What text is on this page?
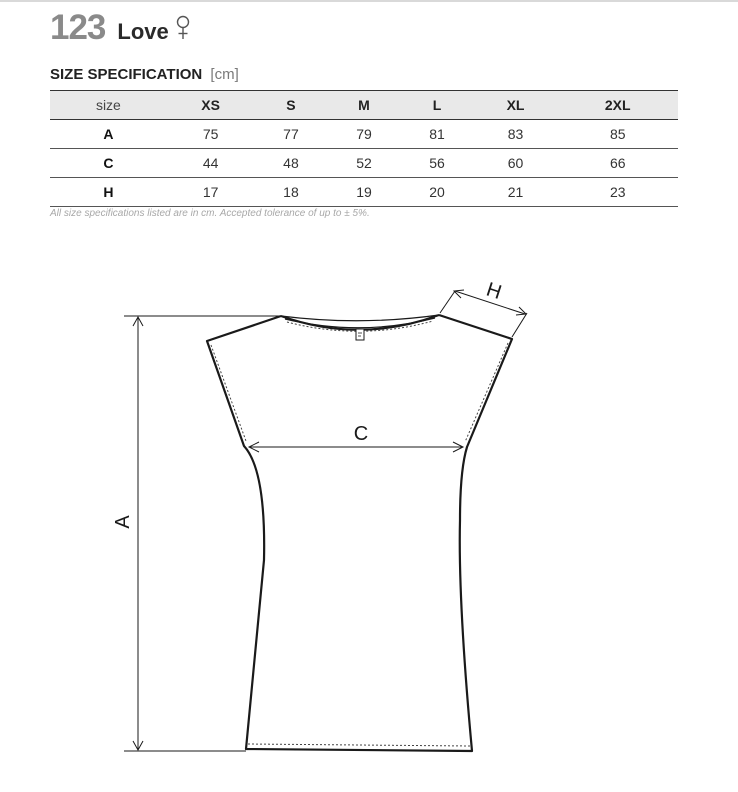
123 Love
SIZE SPECIFICATION [cm]
size	XS	S	M	L	XL	2XL
A	75	77	79	81	83	85
C	44	48	52	56	60	66
H	17	18	19	20	21	23
All size specifications listed are in cm. Accepted tolerance of up to ± 5%.
A
C
H
